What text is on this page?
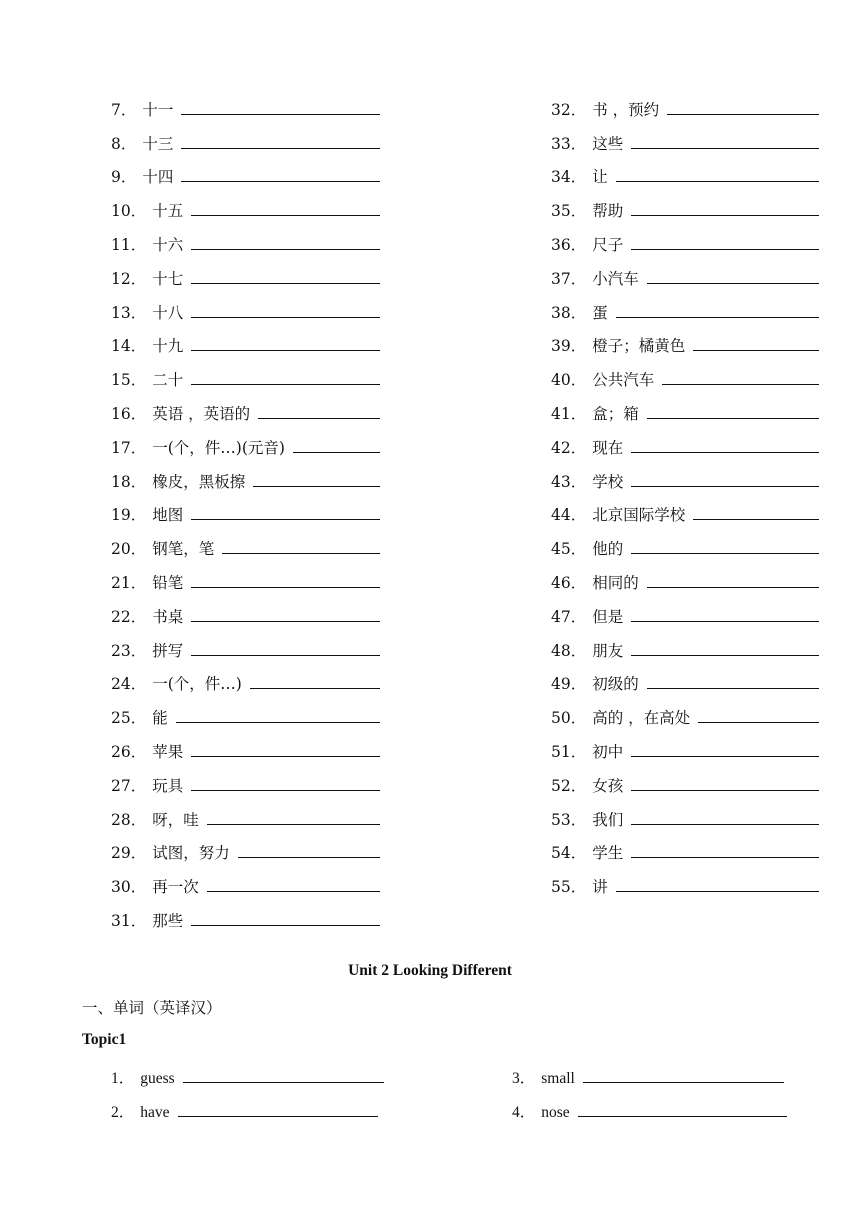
7． 十一
8． 十三
9． 十四
10． 十五
11． 十六
12． 十七
13． 十八
14． 十九
15． 二十
16． 英语 ，英语的
17． 一(个，件…)(元音)
18． 橡皮，黑板擦
19． 地图
20． 钢笔，笔
21． 铅笔
22． 书桌
23． 拼写
24． 一(个，件…)
25． 能
26． 苹果
27． 玩具
28． 呀，哇
29． 试图，努力
30． 再一次
31． 那些
32． 书 ，预约
33． 这些
34． 让
35． 帮助
36． 尺子
37． 小汽车
38． 蛋
39． 橙子；橘黄色
40． 公共汽车
41． 盒；箱
42． 现在
43． 学校
44． 北京国际学校
45． 他的
46． 相同的
47． 但是
48． 朋友
49． 初级的
50． 高的 ，在高处
51． 初中
52． 女孩
53． 我们
54． 学生
55． 讲
Unit 2 Looking Different
一、单词（英译汉）
Topic1
1． guess
2． have
3． small
4． nose
